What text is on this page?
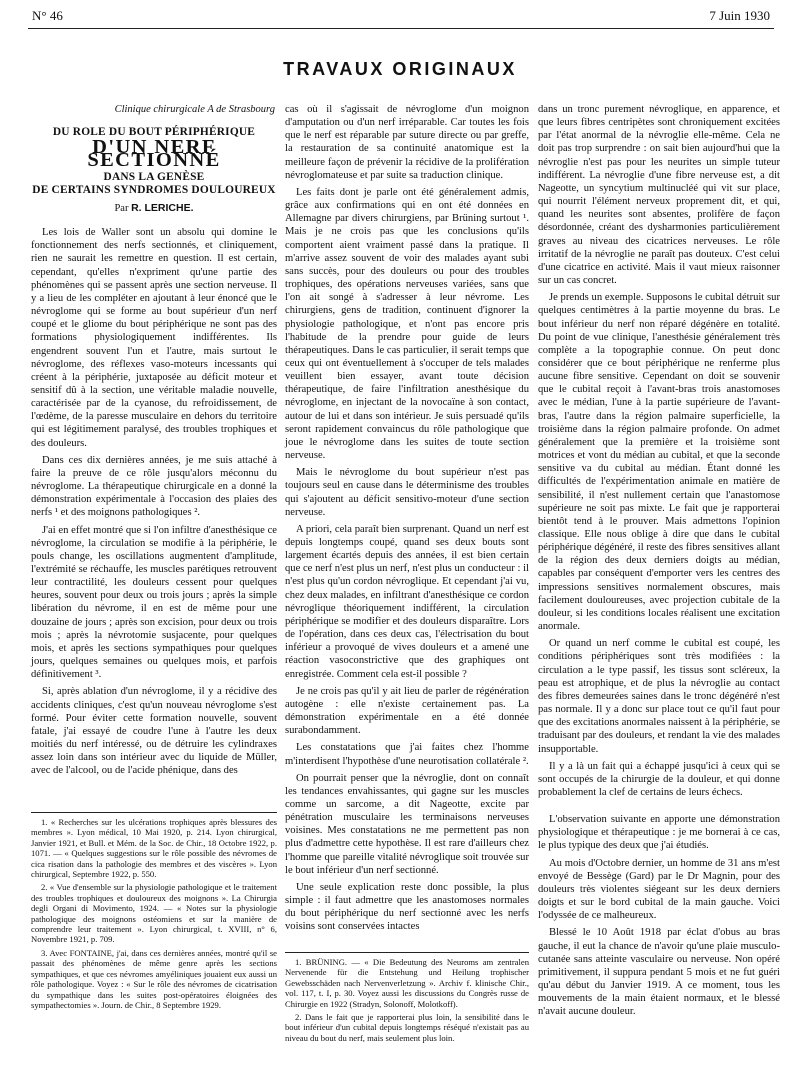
N° 46	7 Juin 1930
TRAVAUX ORIGINAUX
Clinique chirurgicale A de Strasbourg
DU ROLE DU BOUT PÉRIPHÉRIQUE
D'UN NERF SECTIONNÉ
DANS LA GENÈSE
DE CERTAINS SYNDROMES DOULOUREUX
Par R. LERICHE.

Les lois de Waller sont un absolu qui domine le fonctionnement des nerfs sectionnés, et cliniquement, rien ne saurait les remettre en question. Il est certain, cependant, qu'elles n'expriment qu'une partie des phénomènes qui se passent après une section nerveuse. Il y a lieu de les compléter en ajoutant à leur énoncé que le névroglome qui se forme au bout supérieur d'un nerf coupé et le gliome du bout périphérique ne sont pas des formations physiologiquement indifférentes. Ils engendrent souvent l'un et l'autre, mais surtout le névroglome, des réflexes vaso-moteurs incessants qui créent à la périphérie, juxtaposée au déficit moteur et sensitif dû à la section, une véritable maladie nouvelle, caractérisée par de la cyanose, du refroidissement, de l'œdème, de la paresse musculaire en dehors du territoire qui est légitimement paralysé, des troubles trophiques et des douleurs.

Dans ces dix dernières années, je me suis attaché à faire la preuve de ce rôle jusqu'alors méconnu du névroglome. La thérapeutique chirurgicale en a donné la démonstration expérimentale à l'occasion des plaies des nerfs ¹ et des moignons pathologiques ².

J'ai en effet montré que si l'on infiltre d'anesthésique ce névroglome, la circulation se modifie à la périphérie, le pouls change, les oscillations augmentent d'amplitude, l'extrémité se réchauffe, les muscles parétiques retrouvent leur contractilité, les douleurs cessent pour quelques heures, souvent pour deux ou trois jours ; après la simple libération du névrome, il en est de même pour une douzaine de jours ; après son excision, pour deux ou trois mois ; après la névrotomie susjacente, pour quelques mois, et après les sections sympathiques pour quelques jours, quelques semaines ou quelques mois, et parfois définitivement ³.

Si, après ablation d'un névroglome, il y a récidive des accidents cliniques, c'est qu'un nouveau névroglome s'est formé. Pour éviter cette formation nouvelle, souvent fatale, j'ai essayé de coudre l'une à l'autre les deux moitiés du nerf intéressé, ou de détruire les cylindraxes assez loin dans son intérieur avec du liquide de Müller, avec de l'alcool, ou de l'acide phénique, dans des

cas où il s'agissait de névroglome d'un moignon d'amputation ou d'un nerf irréparable. Car toutes les fois que le nerf est réparable par suture directe ou par greffe, la restauration de sa continuité anatomique est la meilleure façon de prévenir la récidive de la prolifération névroglomateuse et par suite sa traduction clinique.

Les faits dont je parle ont été généralement admis, grâce aux confirmations qui en ont été données en Allemagne par divers chirurgiens, par Brüning surtout ¹. Mais je ne crois pas que les conclusions qu'ils comportent aient vraiment passé dans la pratique. Il m'arrive assez souvent de voir des malades ayant subi sans succès, pour des douleurs ou pour des troubles trophiques, des opérations nerveuses variées, sans que l'on ait songé à s'adresser à leur névrome. Les chirurgiens, gens de tradition, continuent d'ignorer la physiologie pathologique, et n'ont pas encore pris l'habitude de la prendre pour guide de leurs thérapeutiques. Dans le cas particulier, il serait temps que ceux qui ont éventuellement à s'occuper de tels malades veuillent bien essayer, avant toute décision thérapeutique, de faire l'infiltration anesthésique du névroglome, en injectant de la novocaïne à son contact, autour de lui et dans son intérieur. Je suis persuadé qu'ils seront rapidement convaincus du rôle pathologique que joue le névroglome dans les suites de toute section nerveuse.

Mais le névroglome du bout supérieur n'est pas toujours seul en cause dans le déterminisme des troubles qui s'ajoutent au déficit sensitivo-moteur d'une section nerveuse.

A priori, cela paraît bien surprenant. Quand un nerf est depuis longtemps coupé, quand ses deux bouts sont largement écartés depuis des années, il est bien certain que ce nerf n'est plus un nerf, n'est plus un conducteur : il n'est plus qu'un cordon névroglique. Et cependant j'ai vu, chez deux malades, en infiltrant d'anesthésique ce cordon névroglique théoriquement indifférent, la circulation périphérique se modifier et des douleurs disparaître. Lors de l'opération, dans ces deux cas, l'électrisation du bout inférieur a provoqué de vives douleurs et a amené une réaction vasoconstrictive que des graphiques ont enregistrée. Comment cela est-il possible ?

Je ne crois pas qu'il y ait lieu de parler de régénération autogène : elle n'existe certainement pas. La démonstration expérimentale en a été donnée surabondamment.

Les constatations que j'ai faites chez l'homme m'interdisent l'hypothèse d'une neurotisation collatérale ².

On pourrait penser que la névroglie, dont on connaît les tendances envahissantes, qui gagne sur les muscles comme un sarcome, a dit Nageotte, excite par pénétration musculaire les terminaisons nerveuses voisines. Mes constatations ne me permettent pas non plus d'admettre cette hypothèse. Il est rare d'ailleurs chez l'homme que pareille vitalité névroglique soit trouvée sur le bout inférieur d'un nerf sectionné.

Une seule explication reste donc possible, la plus simple : il faut admettre que les anastomoses normales du bout périphérique du nerf sectionné avec les nerfs voisins sont conservées intactes

dans un tronc purement névroglique, en apparence, et que leurs fibres centripètes sont chroniquement excitées par l'état anormal de la névroglie elle-même. Cela ne doit pas trop surprendre : on sait bien aujourd'hui que la névroglie n'est pas pour les neurites un simple tuteur indifférent. La névroglie d'une fibre nerveuse est, a dit Nageotte, un syncytium multinucléé qui vit sur place, qui nourrit l'élément nerveux proprement dit, et qui, quand les neurites sont absentes, prolifère de façon désordonnée, créant des dysharmonies particulièrement graves au niveau des cicatrices nerveuses. Le rôle irritatif de la névroglie ne paraît pas douteux. C'est celui d'une cicatrice en activité. Mais il vaut mieux raisonner sur un cas concret.

Je prends un exemple. Supposons le cubital détruit sur quelques centimètres à la partie moyenne du bras. Le bout inférieur du nerf non réparé dégénère en totalité. Du point de vue clinique, l'anesthésie généralement très complète a la topographie connue. On peut donc considérer que ce bout périphérique ne renferme plus aucune fibre sensitive. Cependant on doit se souvenir que le cubital reçoit à l'avant-bras trois anastomoses avec le médian, l'une à la partie supérieure de l'avant-bras, l'autre dans la région palmaire superficielle, la troisième dans la région palmaire profonde. On admet généralement que la première et la troisième sont motrices et vont du médian au cubital, et que la seconde sensitive va du cubital au médian. Étant donné les difficultés de l'expérimentation animale en matière de sensibilité, il n'est nullement certain que l'anastomose supérieure ne soit pas mixte. Le fait que je rapporterai bientôt tend à le prouver. Mais admettons l'opinion classique. Elle nous oblige à dire que dans le cubital périphérique dégénéré, il reste des fibres sensitives allant de la région des deux derniers doigts au médian, capables par conséquent d'emporter vers les centres des impressions sensitives normalement obscures, mais facilement douloureuses, avec projection cubitale de la douleur, si les conditions locales réalisent une excitation anormale.

Or quand un nerf comme le cubital est coupé, les conditions périphériques sont très modifiées : la circulation a le type passif, les tissus sont scléreux, la peau est atrophique, et de plus la névroglie au contact des fibres demeurées saines dans le tronc dégénéré n'est pas normale. Il y a donc sur place tout ce qu'il faut pour que des excitations anormales naissent à la périphérie, se traduisant par des douleurs, et rendant la vie des malades insupportable.

Il y a là un fait qui a échappé jusqu'ici à ceux qui se sont occupés de la chirurgie de la douleur, et qui donne probablement la clef de certains de leurs échecs.

L'observation suivante en apporte une démonstration physiologique et thérapeutique : je me bornerai à ce cas, le plus typique des deux que j'ai étudiés.

Au mois d'Octobre dernier, un homme de 31 ans m'est envoyé de Bessège (Gard) par le Dr Magnin, pour des douleurs très violentes siégeant sur les deux derniers doigts et sur le bord cubital de la main gauche. Voici l'odyssée de ce malheureux.

Blessé le 10 Août 1918 par éclat d'obus au bras gauche, il eut la chance de n'avoir qu'une plaie musculo-cutanée sans atteinte vasculaire ou nerveuse. Non opéré primitivement, il suppura pendant 5 mois et ne fut guéri qu'au début du Janvier 1919. A ce moment, tous les mouvements de la main étaient normaux, et le blessé n'avait aucune douleur.

1. « Recherches sur les ulcérations trophiques après blessures des membres ». Lyon médical, 10 Mai 1920, p. 214. Lyon chirurgical, Janvier 1921, et Bull. et Mém. de la Soc. de Chir., 18 Octobre 1922, p. 1071. — « Quelques suggestions sur le rôle possible des névromes de cica risation dans la pathologie des membres et des viscères ». Lyon chirurgical, Septembre 1922, p. 550.

2. « Vue d'ensemble sur la physiologie pathologique et le traitement des troubles trophiques et douloureux des moignons ». La Chirurgia degli Organi di Movimento, 1924. — « Notes sur la physiologie pathologique des moignons ostéomiens et sur la manière de comprendre leur traitement ». Lyon chirurgical, t. XVIII, n° 6, Novembre 1921, p. 709.

3. Avec FONTAINE, j'ai, dans ces dernières années, montré qu'il se passait des phénomènes de même genre après les sections sympathiques, et que ces névromes amyéliniques jouaient eux aussi un rôle pathologique. Voyez : « Sur le rôle des névromes de cicatrisation du sympathique dans les suites post-opératoires éloignées des sympathectomies ». Journ. de Chir., 8 Septembre 1929.

1. BRÜNING. — « Die Bedeutung des Neuroms am zentralen Nervenende für die Entstehung und Heilung trophischer Gewebsschäden nach Nervenverletzung ». Archiv f. klinische Chir., vol. 117, t. I, p. 30. Voyez aussi les discussions du Congrès russe de Chirurgie en 1922 (Stradyn, Solonoff, Molotkoff).

2. Dans le fait que je rapporterai plus loin, la sensibilité dans le bout inférieur d'un cubital depuis longtemps réséqué n'existait pas au niveau du bout du nerf, mais seulement plus loin.
